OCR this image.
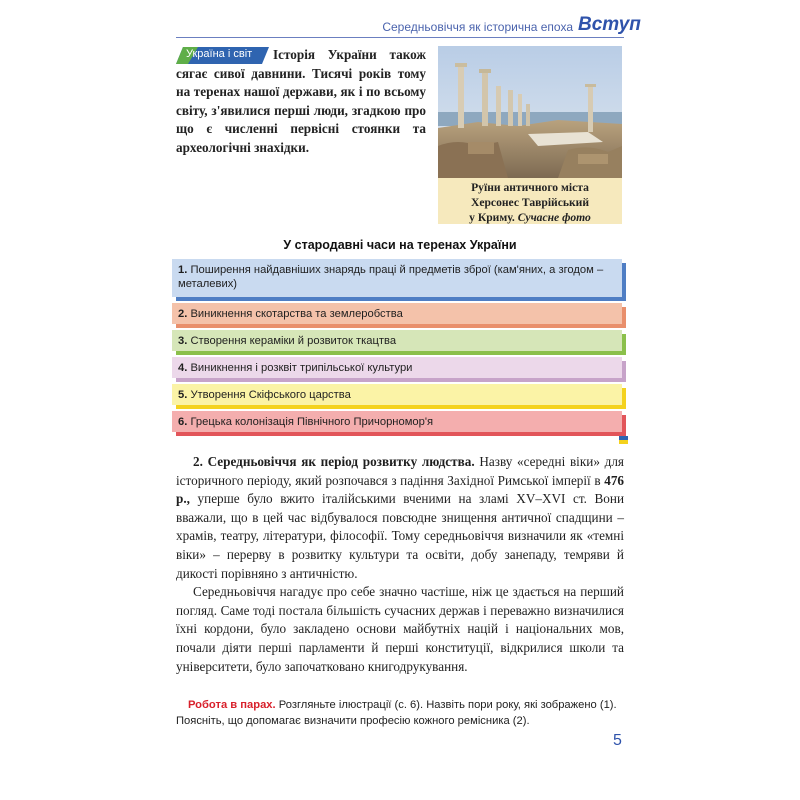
Середньовіччя як історична епоха Вступ
Україна і світ	Історія України також сягає сивої давнини. Тисячі років тому на теренах нашої держави, як і по всьому світу, з'явилися перші люди, згадкою про що є численні первісні стоянки та археологічні знахідки.
Руїни античного міста
Херсонес Таврійський
у Криму. Сучасне фото
У стародавні часи на теренах України
1. Поширення найдавніших знарядь праці й предметів зброї (кам'яних, а згодом – металевих)
2. Виникнення скотарства та землеробства
3. Створення кераміки й розвиток ткацтва
4. Виникнення і розквіт трипільської культури
5. Утворення Скіфського царства
6. Грецька колонізація Північного Причорномор'я

2. Середньовіччя як період розвитку людства. Назву «середні віки» для історичного періоду, який розпочався з падіння Західної Римської імперії в 476 р., уперше було вжито італійськими вченими на зламі XV–XVI ст. Вони вважали, що в цей час відбувалося повсюдне знищення античної спадщини – храмів, театру, літератури, філософії. Тому середньовіччя визначили як «темні віки» – перерву в розвитку культури та освіти, добу занепаду, темряви й дикості порівняно з античністю.

Середньовіччя нагадує про себе значно частіше, ніж це здається на перший погляд. Саме тоді постала більшість сучасних держав і переважно визначилися їхні кордони, було закладено основи майбутніх націй і національних мов, почали діяти перші парламенти й перші конституції, відкрилися школи та університети, було започатковано книгодрукування.

Робота в парах. Розгляньте ілюстрації (с. 6). Назвіть пори року, які зображено (1). Поясніть, що допомагає визначити професію кожного ремісника (2).
5
